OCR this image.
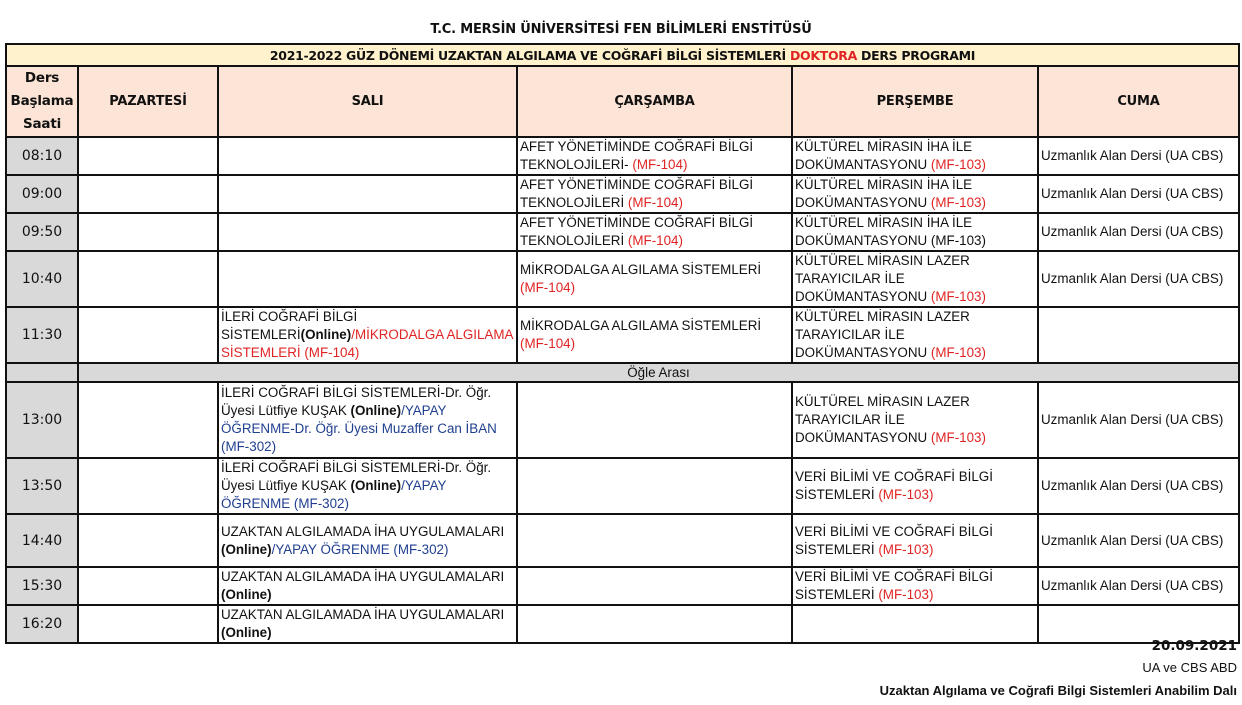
T.C. MERSİN ÜNİVERSİTESİ FEN BİLİMLERİ ENSTİTÜSÜ
2021-2022 GÜZ DÖNEMİ UZAKTAN ALGILAMA VE COĞRAFİ BİLGİ SİSTEMLERİ DOKTORA DERS PROGRAMI					

Ders
Başlama
Saati	PAZARTESİ	SALI	ÇARŞAMBA	PERŞEMBE	CUMA
08:10			AFET YÖNETİMİNDE COĞRAFİ BİLGİ TEKNOLOJİLERİ- (MF-104)	KÜLTÜREL MİRASIN İHA İLE DOKÜMANTASYONU (MF-103)	Uzmanlık Alan Dersi (UA CBS)
09:00			AFET YÖNETİMİNDE COĞRAFİ BİLGİ TEKNOLOJİLERİ (MF-104)	KÜLTÜREL MİRASIN İHA İLE DOKÜMANTASYONU (MF-103)	Uzmanlık Alan Dersi (UA CBS)
09:50			AFET YÖNETİMİNDE COĞRAFİ BİLGİ TEKNOLOJİLERİ (MF-104)	KÜLTÜREL MİRASIN İHA İLE DOKÜMANTASYONU (MF-103)	Uzmanlık Alan Dersi (UA CBS)
10:40			MİKRODALGA ALGILAMA SİSTEMLERİ (MF-104)	KÜLTÜREL MİRASIN LAZER TARAYICILAR İLE DOKÜMANTASYONU (MF-103)	Uzmanlık Alan Dersi (UA CBS)
11:30		İLERİ COĞRAFİ BİLGİ SİSTEMLERİ(Online)/MİKRODALGA ALGILAMA SİSTEMLERİ (MF-104)	MİKRODALGA ALGILAMA SİSTEMLERİ (MF-104)	KÜLTÜREL MİRASIN LAZER TARAYICILAR İLE DOKÜMANTASYONU (MF-103)	
	Öğle Arası				
13:00		İLERİ COĞRAFİ BİLGİ SİSTEMLERİ-Dr. Öğr. Üyesi Lütfiye KUŞAK (Online)/YAPAY ÖĞRENME-Dr. Öğr. Üyesi Muzaffer Can İBAN (MF-302)		KÜLTÜREL MİRASIN LAZER TARAYICILAR İLE DOKÜMANTASYONU (MF-103)	Uzmanlık Alan Dersi (UA CBS)
13:50		İLERİ COĞRAFİ BİLGİ SİSTEMLERİ-Dr. Öğr. Üyesi Lütfiye KUŞAK (Online)/YAPAY ÖĞRENME (MF-302)		VERİ BİLİMİ VE COĞRAFİ BİLGİ SİSTEMLERİ (MF-103)	Uzmanlık Alan Dersi (UA CBS)
14:40		UZAKTAN ALGILAMADA İHA UYGULAMALARI (Online)/YAPAY ÖĞRENME (MF-302)		VERİ BİLİMİ VE COĞRAFİ BİLGİ SİSTEMLERİ (MF-103)	Uzmanlık Alan Dersi (UA CBS)
15:30		UZAKTAN ALGILAMADA İHA UYGULAMALARI (Online)		VERİ BİLİMİ VE COĞRAFİ BİLGİ SİSTEMLERİ (MF-103)	Uzmanlık Alan Dersi (UA CBS)
16:20		UZAKTAN ALGILAMADA İHA UYGULAMALARI (Online)			
20.09.2021
UA ve CBS ABD
Uzaktan Algılama ve Coğrafi Bilgi Sistemleri Anabilim Dalı
